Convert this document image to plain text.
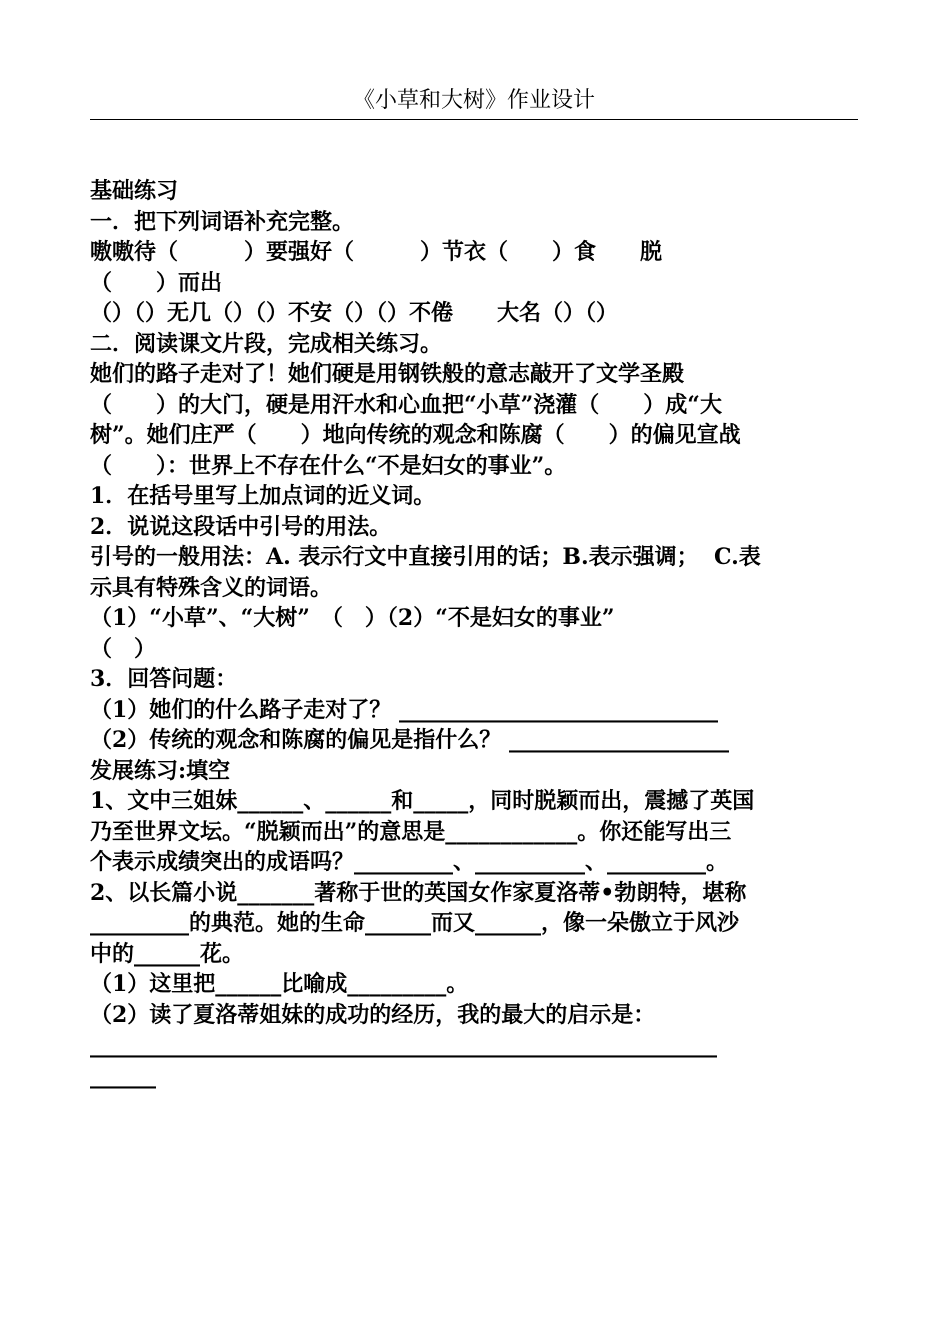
《小草和大树》作业设计
基础练习
一．把下列词语补充完整。
嗷嗷待（　　　）要强好（　　　）节衣（　　）食　　脱
（　　）而出
（）（）无几（）（）不安（）（）不倦　　大名（）（）
二．阅读课文片段，完成相关练习。
她们的路子走对了！她们硬是用钢铁般的意志敲开了文学圣殿
（　　）的大门，硬是用汗水和心血把“小草”浇灌（　　）成“大
树”。她们庄严（　　）地向传统的观念和陈腐（　　）的偏见宣战
（　　）：世界上不存在什么“不是妇女的事业”。
1．在括号里写上加点词的近义词。
2．说说这段话中引号的用法。
引号的一般用法：A. 表示行文中直接引用的话；B.表示强调；  C.表
示具有特殊含义的词语。
（1）“小草”、“大树”　（　）（2）“不是妇女的事业”
（　）
3．回答问题：
（1）她们的什么路子走对了？ _____________________________
（2）传统的观念和陈腐的偏见是指什么？ ____________________
发展练习:填空
1、文中三姐妹______、______和_____，同时脱颖而出，震撼了英国
乃至世界文坛。“脱颖而出”的意思是____________。你还能写出三
个表示成绩突出的成语吗？_________、__________、_________。
2、以长篇小说_______著称于世的英国女作家夏洛蒂•勃朗特，堪称
_________的典范。她的生命______而又______，像一朵傲立于风沙
中的______花。
（1）这里把______比喻成_________。
（2）读了夏洛蒂姐妹的成功的经历，我的最大的启示是：
_________________________________________________________
______
